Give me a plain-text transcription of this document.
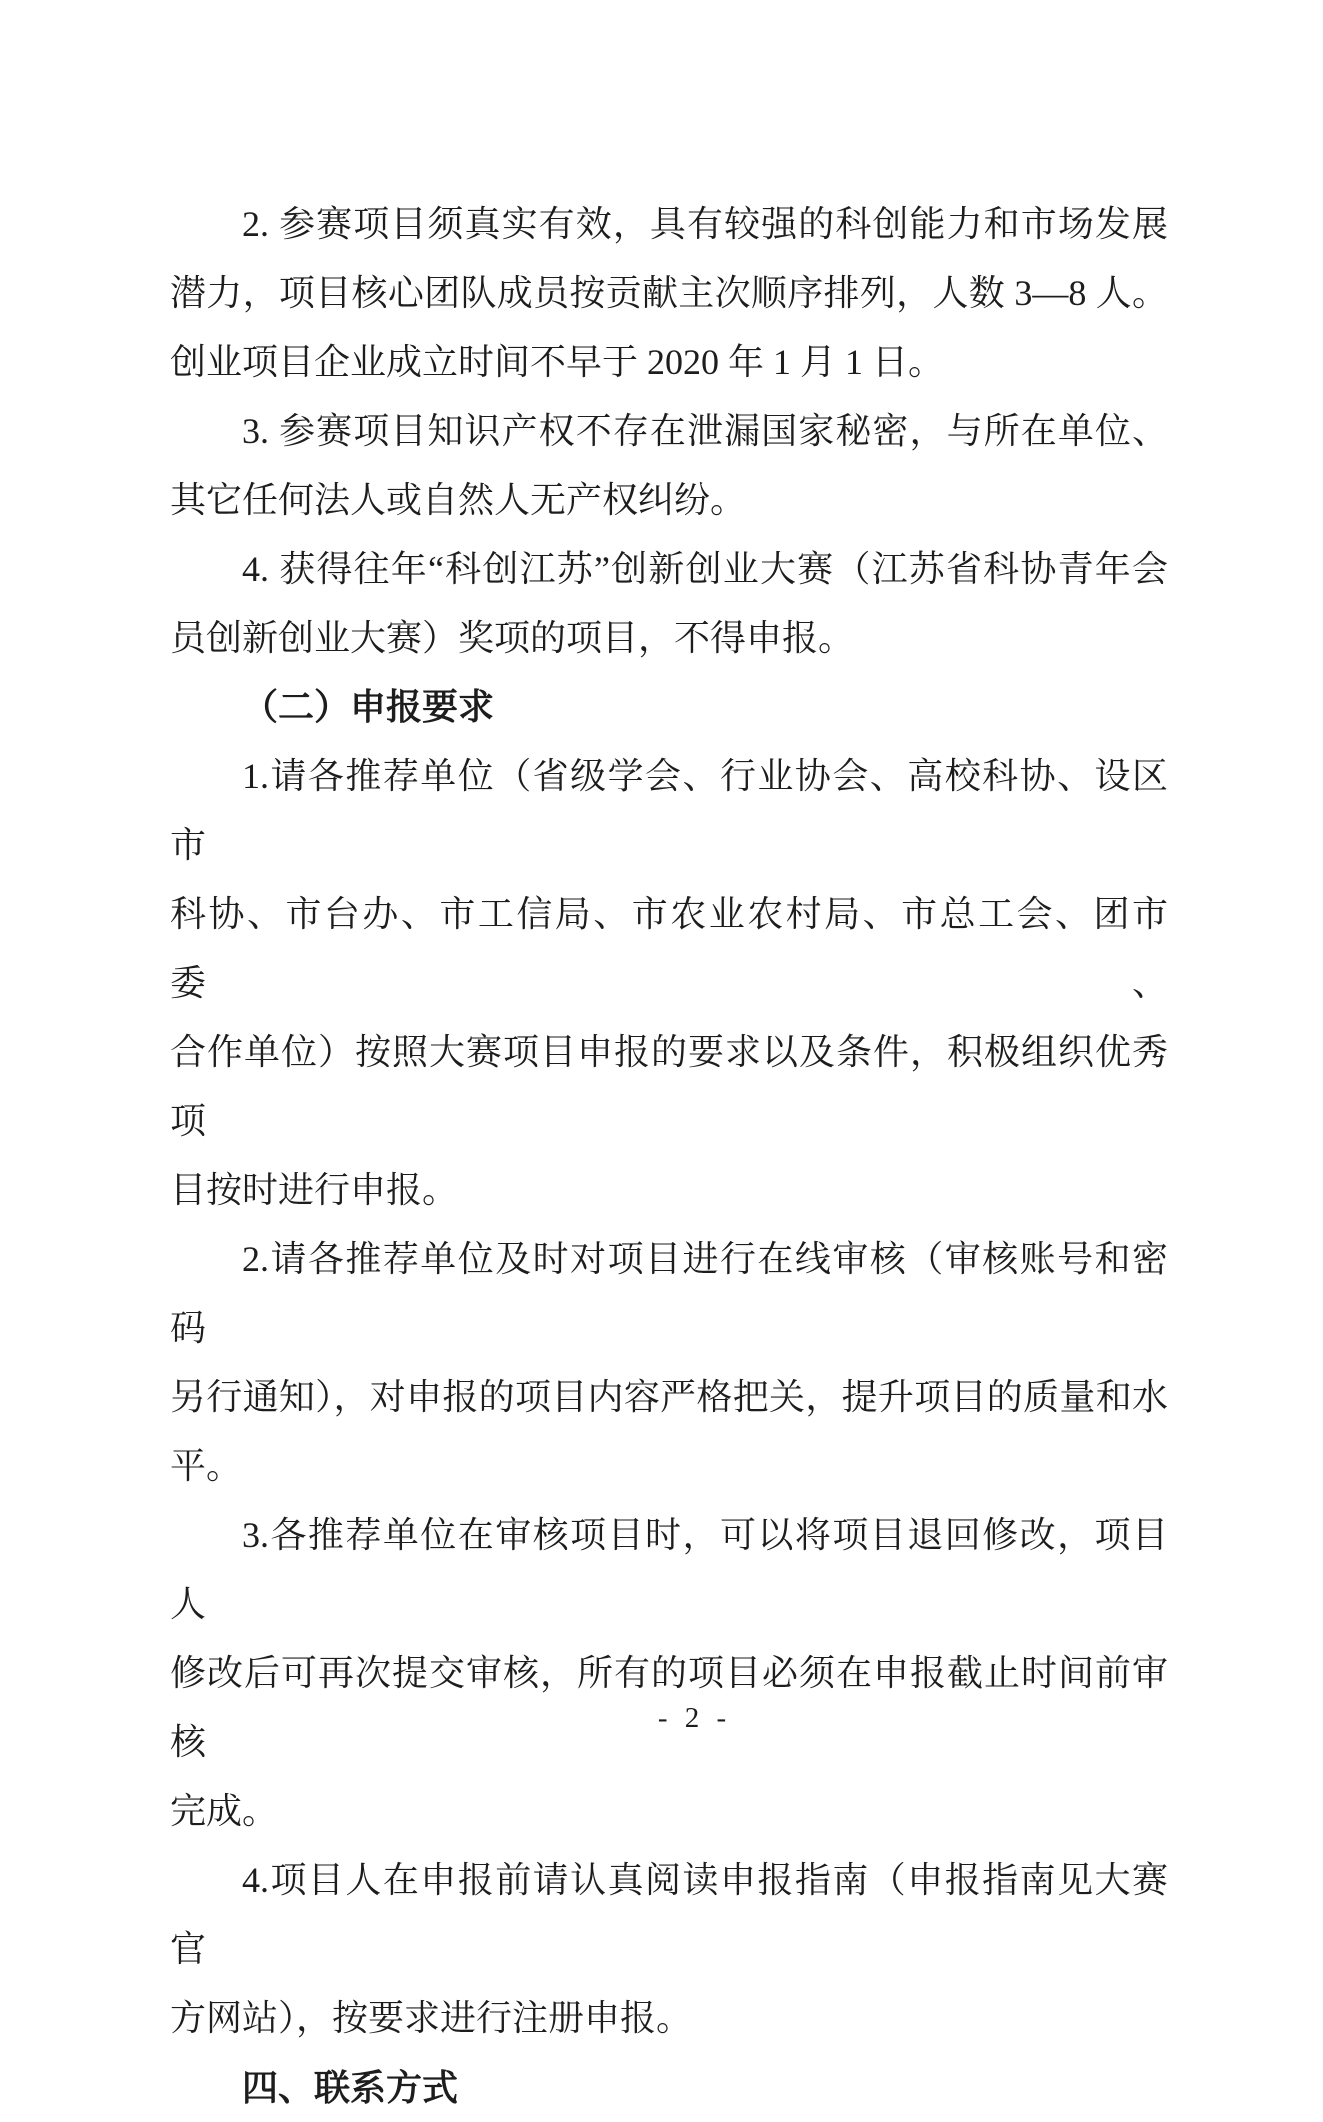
2. 参赛项目须真实有效，具有较强的科创能力和市场发展
潜力，项目核心团队成员按贡献主次顺序排列，人数 3—8 人。
创业项目企业成立时间不早于 2020 年 1 月 1 日。

3. 参赛项目知识产权不存在泄漏国家秘密，与所在单位、
其它任何法人或自然人无产权纠纷。

4. 获得往年“科创江苏”创新创业大赛（江苏省科协青年会
员创新创业大赛）奖项的项目，不得申报。

（二）申报要求

1.请各推荐单位（省级学会、行业协会、高校科协、设区市
科协、市台办、市工信局、市农业农村局、市总工会、团市委、
合作单位）按照大赛项目申报的要求以及条件，积极组织优秀项
目按时进行申报。

2.请各推荐单位及时对项目进行在线审核（审核账号和密码
另行通知），对申报的项目内容严格把关，提升项目的质量和水
平。

3.各推荐单位在审核项目时，可以将项目退回修改，项目人
修改后可再次提交审核，所有的项目必须在申报截止时间前审核
完成。

4.项目人在申报前请认真阅读申报指南（申报指南见大赛官
方网站），按要求进行注册申报。

四、联系方式

- 2 -
